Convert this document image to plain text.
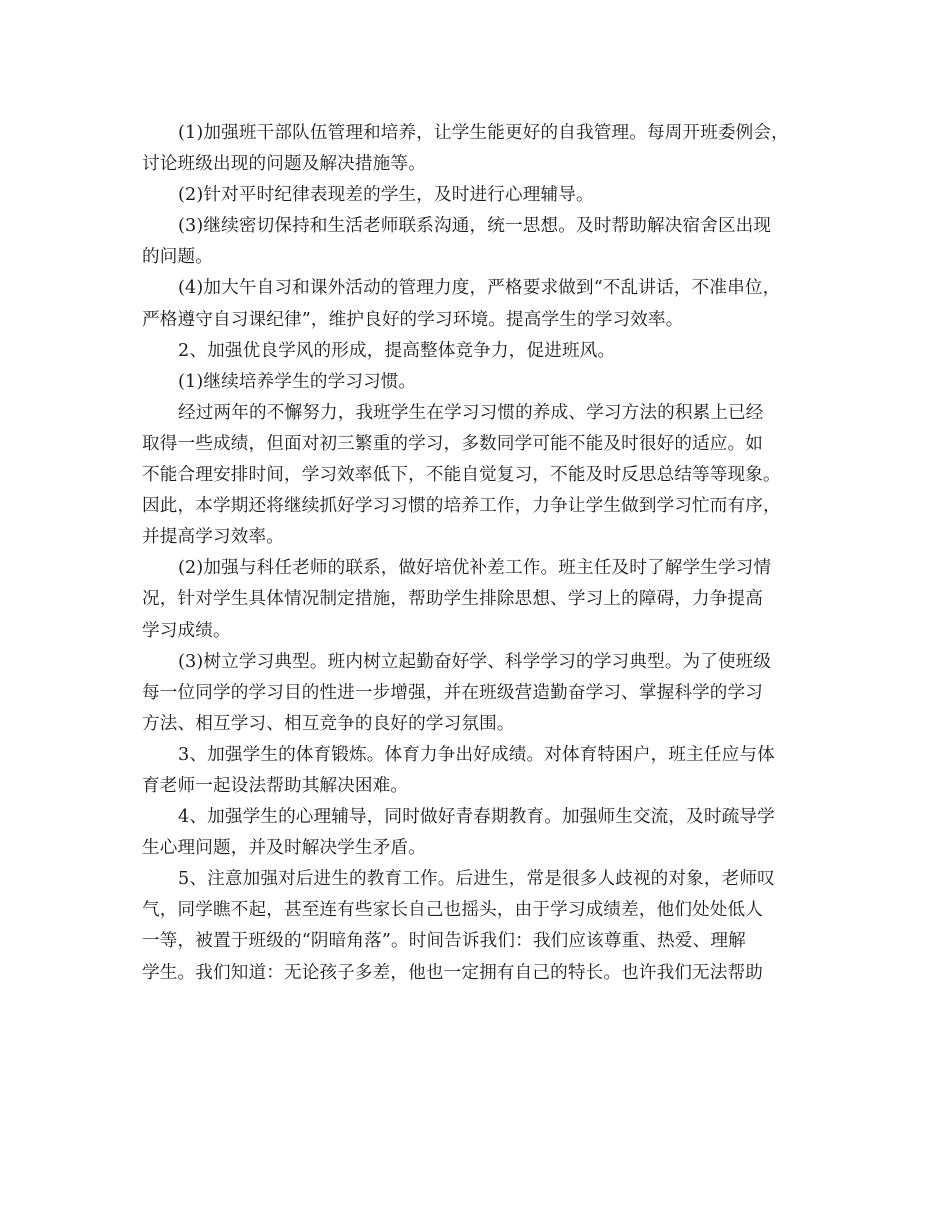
(1)加强班干部队伍管理和培养，让学生能更好的自我管理。每周开班委例会，
讨论班级出现的问题及解决措施等。
(2)针对平时纪律表现差的学生，及时进行心理辅导。
(3)继续密切保持和生活老师联系沟通，统一思想。及时帮助解决宿舍区出现
的问题。
(4)加大午自习和课外活动的管理力度，严格要求做到“不乱讲话，不准串位，
严格遵守自习课纪律”，维护良好的学习环境。提高学生的学习效率。
2、加强优良学风的形成，提高整体竞争力，促进班风。
(1)继续培养学生的学习习惯。
经过两年的不懈努力，我班学生在学习习惯的养成、学习方法的积累上已经
取得一些成绩，但面对初三繁重的学习，多数同学可能不能及时很好的适应。如
不能合理安排时间，学习效率低下，不能自觉复习，不能及时反思总结等等现象。
因此，本学期还将继续抓好学习习惯的培养工作，力争让学生做到学习忙而有序，
并提高学习效率。
(2)加强与科任老师的联系，做好培优补差工作。班主任及时了解学生学习情
况，针对学生具体情况制定措施，帮助学生排除思想、学习上的障碍，力争提高
学习成绩。
(3)树立学习典型。班内树立起勤奋好学、科学学习的学习典型。为了使班级
每一位同学的学习目的性进一步增强，并在班级营造勤奋学习、掌握科学的学习
方法、相互学习、相互竞争的良好的学习氛围。
3、加强学生的体育锻炼。体育力争出好成绩。对体育特困户，班主任应与体
育老师一起设法帮助其解决困难。
4、加强学生的心理辅导，同时做好青春期教育。加强师生交流，及时疏导学
生心理问题，并及时解决学生矛盾。
5、注意加强对后进生的教育工作。后进生，常是很多人歧视的对象，老师叹
气，同学瞧不起，甚至连有些家长自己也摇头，由于学习成绩差，他们处处低人
一等，被置于班级的“阴暗角落”。时间告诉我们：我们应该尊重、热爱、理解
学生。我们知道：无论孩子多差，他也一定拥有自己的特长。也许我们无法帮助
